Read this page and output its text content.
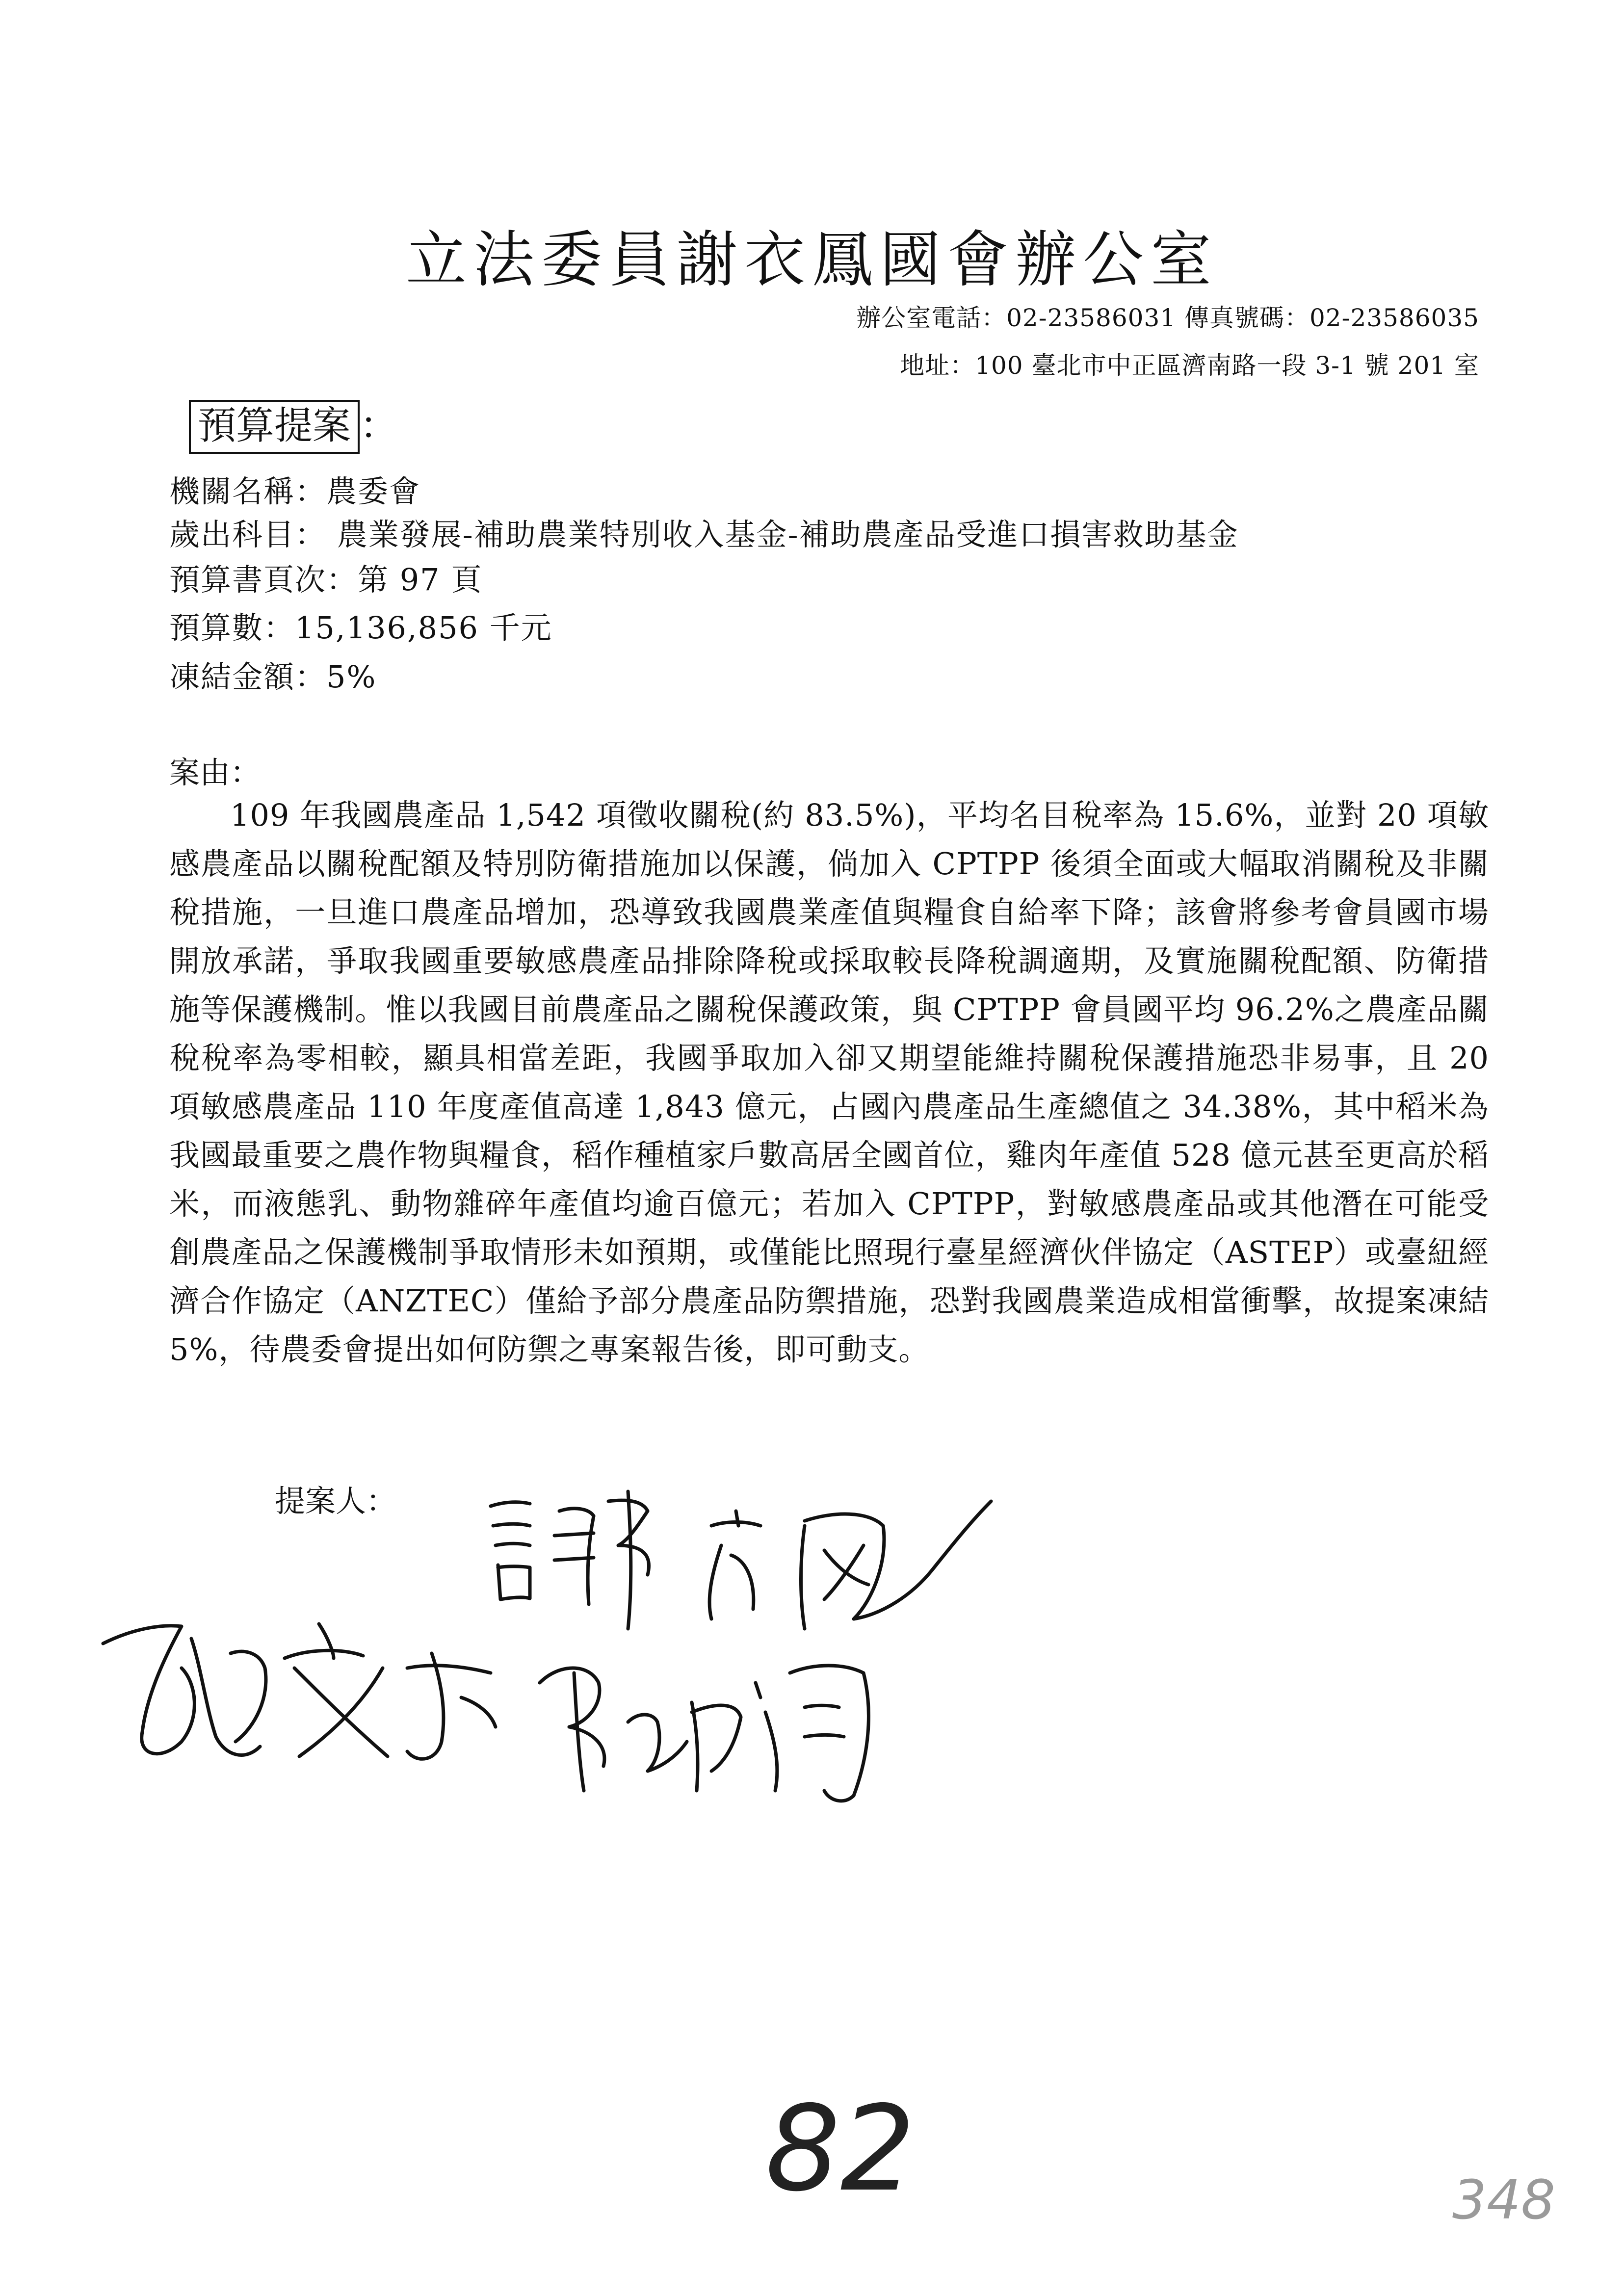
立法委員謝衣鳳國會辦公室
辦公室電話：02-23586031 傳真號碼：02-23586035
地址：100 臺北市中正區濟南路一段 3-1 號 201 室
預算提案 ：
機關名稱：農委會
歲出科目： 農業發展-補助農業特別收入基金-補助農產品受進口損害救助基金
預算書頁次：第 97 頁
預算數：15,136,856 千元
凍結金額：5%
案由：

109 年我國農產品 1,542 項徵收關稅(約 83.5%)，平均名目稅率為 15.6%，並對 20 項敏感農產品以關稅配額及特別防衛措施加以保護，倘加入 CPTPP 後須全面或大幅取消關稅及非關稅措施，一旦進口農產品增加，恐導致我國農業產值與糧食自給率下降；該會將參考會員國市場開放承諾，爭取我國重要敏感農產品排除降稅或採取較長降稅調適期，及實施關稅配額、防衛措施等保護機制。惟以我國目前農產品之關稅保護政策，與 CPTPP 會員國平均 96.2%之農產品關稅稅率為零相較，顯具相當差距，我國爭取加入卻又期望能維持關稅保護措施恐非易事，且 20 項敏感農產品 110 年度產值高達 1,843 億元，占國內農產品生產總值之 34.38%，其中稻米為我國最重要之農作物與糧食，稻作種植家戶數高居全國首位，雞肉年產值 528 億元甚至更高於稻米，而液態乳、動物雜碎年產值均逾百億元；若加入 CPTPP，對敏感農產品或其他潛在可能受創農產品之保護機制爭取情形未如預期，或僅能比照現行臺星經濟伙伴協定（ASTEP）或臺紐經濟合作協定（ANZTEC）僅給予部分農產品防禦措施，恐對我國農業造成相當衝擊，故提案凍結 5%，待農委會提出如何防禦之專案報告後，即可動支。

提案人：
82	348
